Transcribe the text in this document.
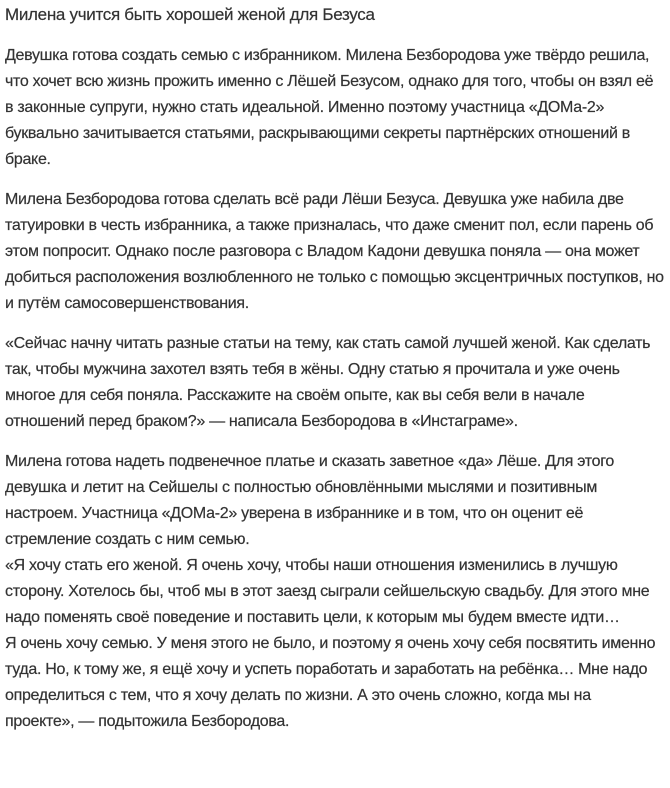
Милена учится быть хорошей женой для Безуса

Девушка готова создать семью с избранником. Милена Безбородова уже твёрдо решила, что хочет всю жизнь прожить именно с Лёшей Безусом, однако для того, чтобы он взял её в законные супруги, нужно стать идеальной. Именно поэтому участница «ДОМа-2» буквально зачитывается статьями, раскрывающими секреты партнёрских отношений в браке.

Милена Безбородова готова сделать всё ради Лёши Безуса. Девушка уже набила две татуировки в честь избранника, а также призналась, что даже сменит пол, если парень об этом попросит. Однако после разговора с Владом Кадони девушка поняла — она может добиться расположения возлюбленного не только с помощью эксцентричных поступков, но и путём самосовершенствования.

«Сейчас начну читать разные статьи на тему, как стать самой лучшей женой. Как сделать так, чтобы мужчина захотел взять тебя в жёны. Одну статью я прочитала и уже очень многое для себя поняла. Расскажите на своём опыте, как вы себя вели в начале отношений перед браком?» — написала Безбородова в «Инстаграме».

Милена готова надеть подвенечное платье и сказать заветное «да» Лёше. Для этого девушка и летит на Сейшелы с полностью обновлёнными мыслями и позитивным настроем. Участница «ДОМа-2» уверена в избраннике и в том, что он оценит её стремление создать с ним семью.

«Я хочу стать его женой. Я очень хочу, чтобы наши отношения изменились в лучшую сторону. Хотелось бы, чтоб мы в этот заезд сыграли сейшельскую свадьбу. Для этого мне надо поменять своё поведение и поставить цели, к которым мы будем вместе идти…

Я очень хочу семью. У меня этого не было, и поэтому я очень хочу себя посвятить именно туда. Но, к тому же, я ещё хочу и успеть поработать и заработать на ребёнка… Мне надо определиться с тем, что я хочу делать по жизни. А это очень сложно, когда мы на проекте», — подытожила Безбородова.
